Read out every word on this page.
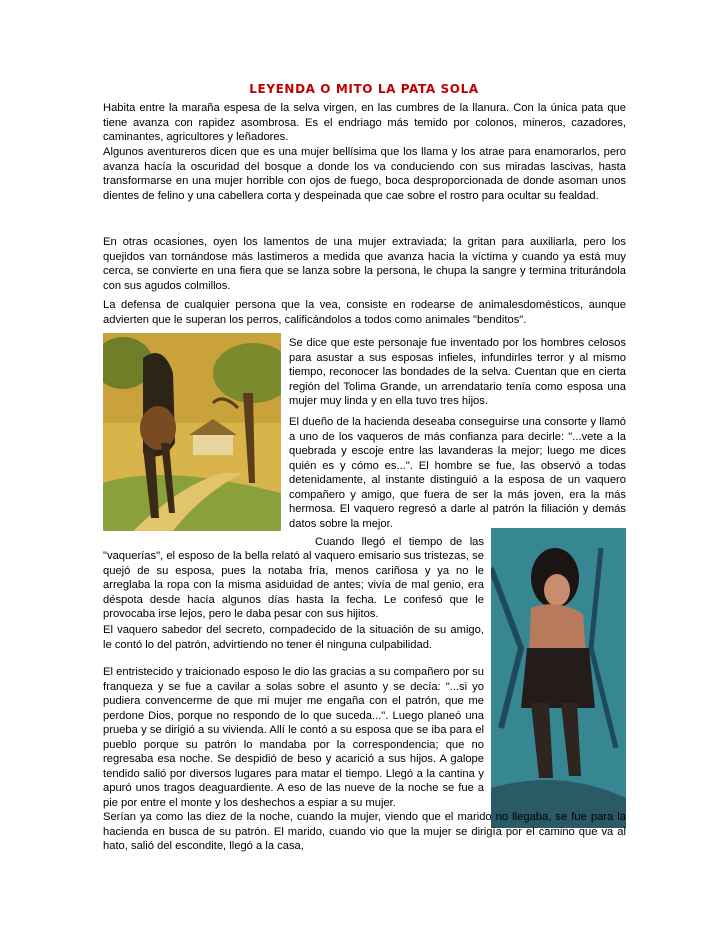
LEYENDA O MITO LA PATA SOLA

Habita entre la maraña espesa de la selva virgen, en las cumbres de la llanura. Con la única pata que tiene avanza con rapidez asombrosa. Es el endriago más temido por colonos, mineros, cazadores, caminantes, agricultores y leñadores.

Algunos aventureros dicen que es una mujer bellísima que los llama y los atrae para enamorarlos, pero avanza hacía la oscuridad del bosque a donde los va conduciendo con sus miradas lascivas, hasta transformarse en una mujer horrible con ojos de fuego, boca desproporcionada de donde asoman unos dientes de felino y una cabellera corta y despeinada que cae sobre el rostro para ocultar su fealdad.

En otras ocasiones, oyen los lamentos de una mujer extraviada; la gritan para auxiliarla, pero los quejidos van tornándose más lastimeros a medida que avanza hacia la víctima y cuando ya está muy cerca, se convierte en una fiera que se lanza sobre la persona, le chupa la sangre y termina triturándola con sus agudos colmillos.

La defensa de cualquier persona que la vea, consiste en rodearse de animalesdomésticos, aunque advierten que le superan los perros, calificándolos a todos como animales "benditos".

Se dice que este personaje fue inventado por los hombres celosos para asustar a sus esposas infieles, infundirles terror y al mismo tiempo, reconocer las bondades de la selva. Cuentan que en cierta región del Tolima Grande, un arrendatario tenía como esposa una mujer muy linda y en ella tuvo tres hijos.

El dueño de la hacienda deseaba conseguirse una consorte y llamó a uno de los vaqueros de más confianza para decirle: "...vete a la quebrada y escoje entre las lavanderas la mejor; luego me dices quién es y cómo es...". El hombre se fue, las observó a todas detenidamente, al instante distinguió a la esposa de un vaquero compañero y amigo, que fuera de ser la más joven, era la más hermosa. El vaquero regresó a darle al patrón la filiación y demás datos sobre la mejor.

Cuando llegó el tiempo de las

"vaquerías", el esposo de la bella relató al vaquero emisario sus tristezas, se quejó de su esposa, pues la notaba fría, menos cariñosa y ya no le arreglaba la ropa con la misma asiduidad de antes; vivía de mal genio, era déspota desde hacía algunos días hasta la fecha. Le confesó que le provocaba irse lejos, pero le daba pesar con sus hijitos.

El vaquero sabedor del secreto, compadecido de la situación de su amigo, le contó lo del patrón, advirtiendo no tener él ninguna culpabilidad.

El entristecido y traicionado esposo le dio las gracias a su compañero por su franqueza y se fue a cavilar a solas sobre el asunto y se decía: "...si yo pudiera convencerme de que mi mujer me engaña con el patrón, que me perdone Dios, porque no respondo de lo que suceda...". Luego planeó una prueba y se dirigió a su vivienda. Allí le contó a su esposa que se iba para el pueblo porque su patrón lo mandaba por la correspondencia; que no regresaba esa noche. Se despidió de beso y acarició a sus hijos. A galope tendido salió por diversos lugares para matar el tiempo. Llegó a la cantina y apuró unos tragos deaguardiente. A eso de las nueve de la noche se fue a pie por entre el monte y los deshechos a espiar a su mujer.

Serían ya como las diez de la noche, cuando la mujer, viendo que el marido no llegaba, se fue para la hacienda en busca de su patrón. El marido, cuando vio que la mujer se dirigía por el camino que va al hato, salió del escondite, llegó a la casa,
